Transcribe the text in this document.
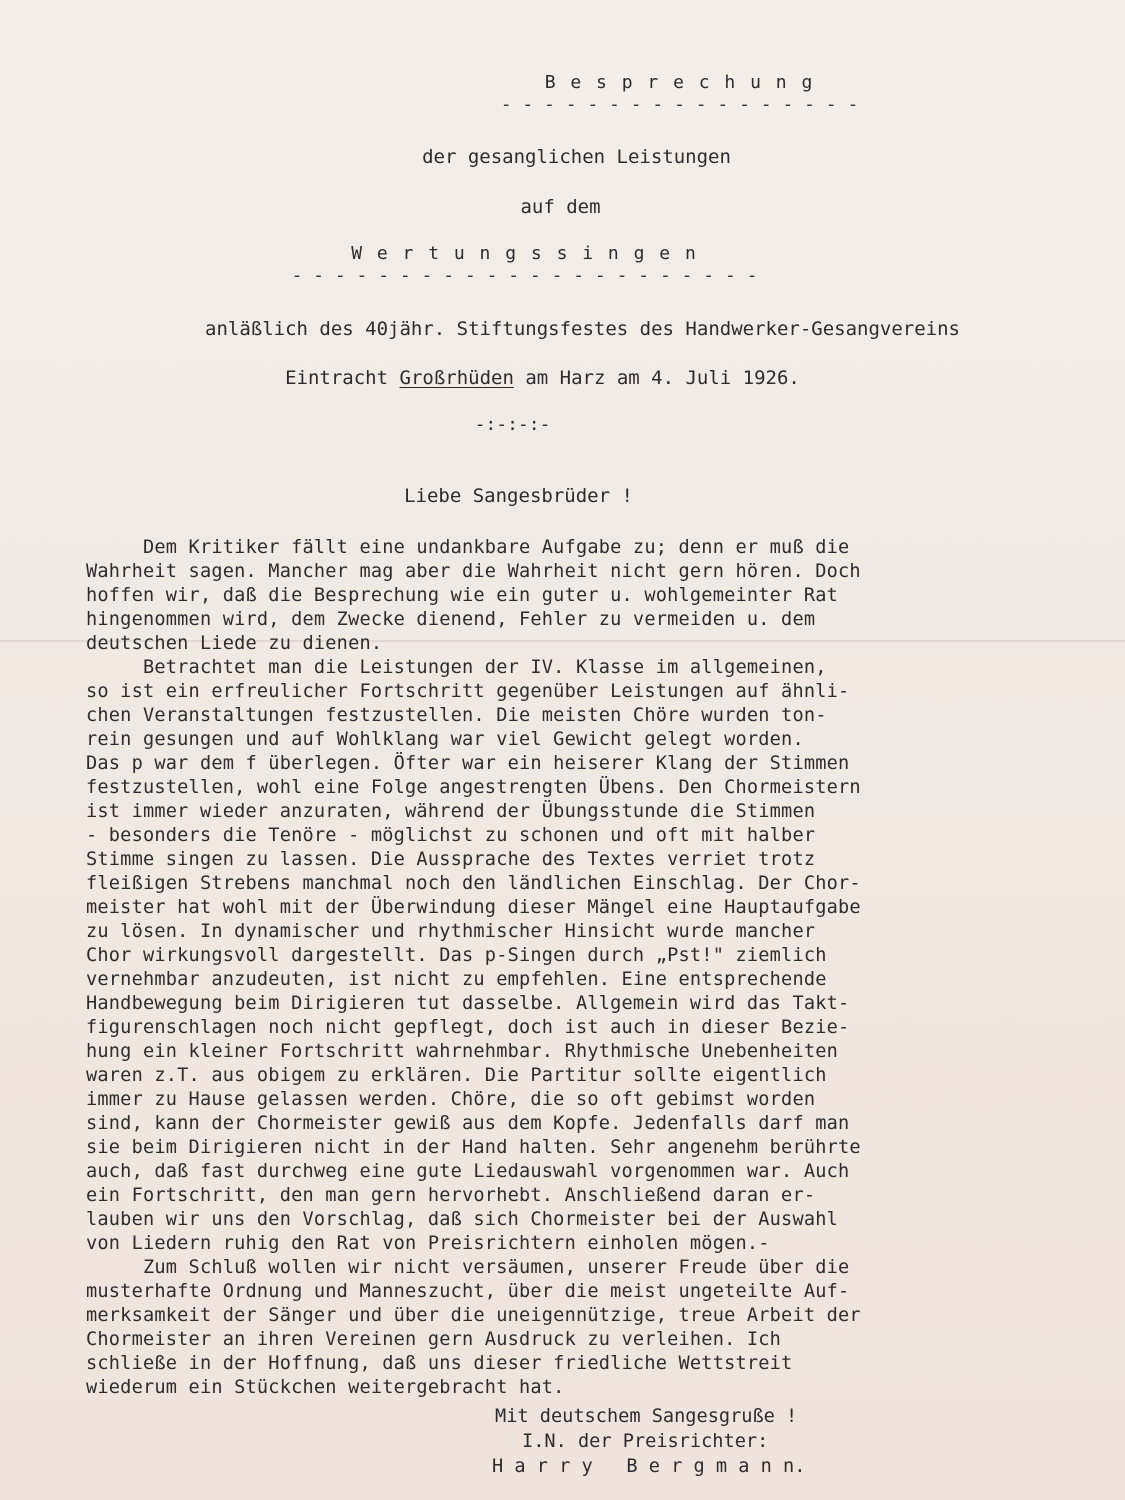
B e s p r e c h u n g
- - - - - - - - - - - - - - - - -
der gesanglichen Leistungen
auf dem
W e r t u n g s s i n g e n
- - - - - - - - - - - - - - - - - - - - - -
anläßlich des 40jähr. Stiftungsfestes des Handwerker-Gesangvereins
Eintracht Großrhüden am Harz am 4. Juli 1926.
-:-:-:-
Liebe Sangesbrüder !
Dem Kritiker fällt eine undankbare Aufgabe zu; denn er muß die
Wahrheit sagen. Mancher mag aber die Wahrheit nicht gern hören. Doch
hoffen wir, daß die Besprechung wie ein guter u. wohlgemeinter Rat
hingenommen wird, dem Zwecke dienend, Fehler zu vermeiden u. dem
deutschen Liede zu dienen.
Betrachtet man die Leistungen der IV. Klasse im allgemeinen,
so ist ein erfreulicher Fortschritt gegenüber Leistungen auf ähnli-
chen Veranstaltungen festzustellen. Die meisten Chöre wurden ton-
rein gesungen und auf Wohlklang war viel Gewicht gelegt worden.
Das p war dem f überlegen. Öfter war ein heiserer Klang der Stimmen
festzustellen, wohl eine Folge angestrengten Übens. Den Chormeistern
ist immer wieder anzuraten, während der Übungsstunde die Stimmen
- besonders die Tenöre - möglichst zu schonen und oft mit halber
Stimme singen zu lassen. Die Aussprache des Textes verriet trotz
fleißigen Strebens manchmal noch den ländlichen Einschlag. Der Chor-
meister hat wohl mit der Überwindung dieser Mängel eine Hauptaufgabe
zu lösen. In dynamischer und rhythmischer Hinsicht wurde mancher
Chor wirkungsvoll dargestellt. Das p-Singen durch „Pst!" ziemlich
vernehmbar anzudeuten, ist nicht zu empfehlen. Eine entsprechende
Handbewegung beim Dirigieren tut dasselbe. Allgemein wird das Takt-
figurenschlagen noch nicht gepflegt, doch ist auch in dieser Bezie-
hung ein kleiner Fortschritt wahrnehmbar. Rhythmische Unebenheiten
waren z.T. aus obigem zu erklären. Die Partitur sollte eigentlich
immer zu Hause gelassen werden. Chöre, die so oft gebimst worden
sind, kann der Chormeister gewiß aus dem Kopfe. Jedenfalls darf man
sie beim Dirigieren nicht in der Hand halten. Sehr angenehm berührte
auch, daß fast durchweg eine gute Liedauswahl vorgenommen war. Auch
ein Fortschritt, den man gern hervorhebt. Anschließend daran er-
lauben wir uns den Vorschlag, daß sich Chormeister bei der Auswahl
von Liedern ruhig den Rat von Preisrichtern einholen mögen.-
Zum Schluß wollen wir nicht versäumen, unserer Freude über die
musterhafte Ordnung und Manneszucht, über die meist ungeteilte Auf-
merksamkeit der Sänger und über die uneigennützige, treue Arbeit der
Chormeister an ihren Vereinen gern Ausdruck zu verleihen. Ich
schließe in der Hoffnung, daß uns dieser friedliche Wettstreit
wiederum ein Stückchen weitergebracht hat.
Mit deutschem Sangesgruße !
I.N. der Preisrichter:
H a r r y   B e r g m a n n.
